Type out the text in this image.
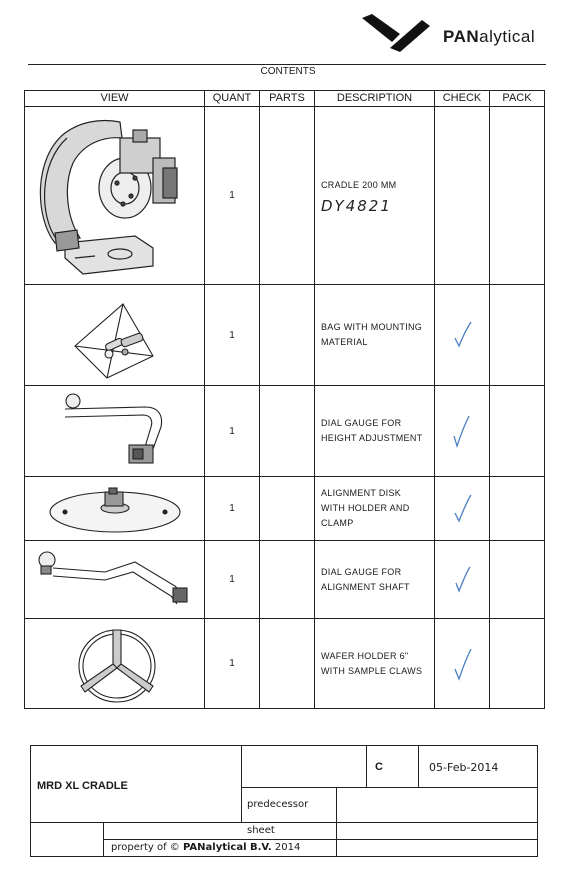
PANalytical
CONTENTS
VIEW	QUANT	PARTS	DESCRIPTION	CHECK	PACK

	1		CRADLE 200 MM
DY4821		

	1		BAG WITH MOUNTING
MATERIAL

	1		DIAL GAUGE FOR
HEIGHT ADJUSTMENT

	1		ALIGNMENT DISK
WITH HOLDER AND
CLAMP

	1		DIAL GAUGE FOR
ALIGNMENT SHAFT

	1		WAFER HOLDER 6"
WITH SAMPLE CLAWS

MRD XL CRADLE
C	05-Feb-2014
predecessor
sheet
property of © PANalytical B.V. 2014
